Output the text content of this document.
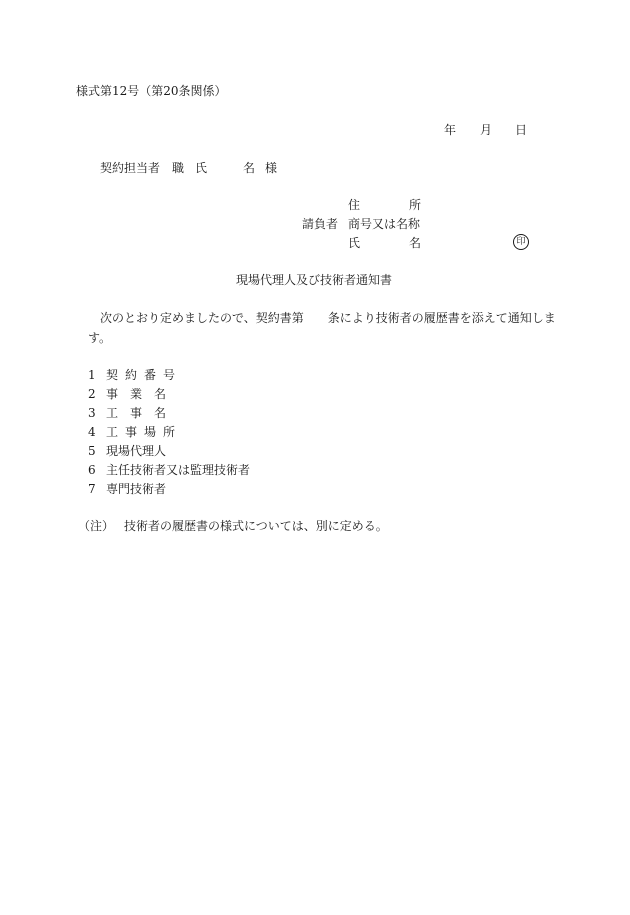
様式第12号（第20条関係）
年 月 日
契約担当者 職 氏	名 様
住	所
請負者 商号又は名称
氏	名	印
現場代理人及び技術者通知書
次のとおり定めましたので、契約書第　　条により技術者の履歴書を添えて通知しま
す。
1 契約番号
2 事　業　名
3 工　事　名
4 工事場所
5 現場代理人
6 主任技術者又は監理技術者
7 専門技術者
（注） 技術者の履歴書の様式については、別に定める。
